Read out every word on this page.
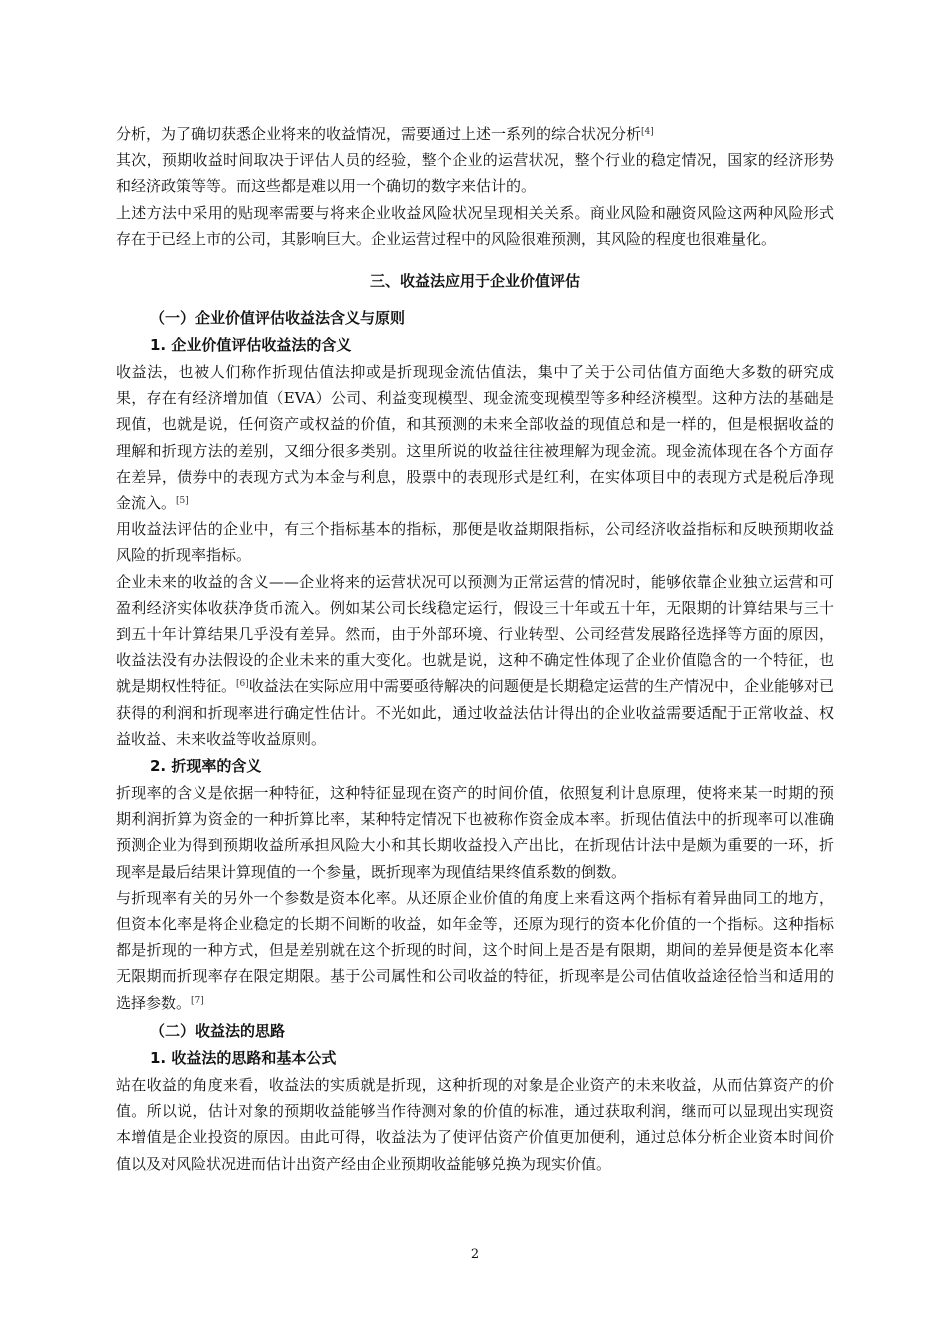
分析，为了确切获悉企业将来的收益情况，需要通过上述一系列的综合状况分析[4]

其次，预期收益时间取决于评估人员的经验，整个企业的运营状况，整个行业的稳定情况，国家的经济形势和经济政策等等。而这些都是难以用一个确切的数字来估计的。

上述方法中采用的贴现率需要与将来企业收益风险状况呈现相关关系。商业风险和融资风险这两种风险形式存在于已经上市的公司，其影响巨大。企业运营过程中的风险很难预测，其风险的程度也很难量化。

三、收益法应用于企业价值评估
（一）企业价值评估收益法含义与原则
1. 企业价值评估收益法的含义

收益法，也被人们称作折现估值法抑或是折现现金流估值法，集中了关于公司估值方面绝大多数的研究成果，存在有经济增加值（EVA）公司、利益变现模型、现金流变现模型等多种经济模型。这种方法的基础是现值，也就是说，任何资产或权益的价值，和其预测的未来全部收益的现值总和是一样的，但是根据收益的理解和折现方法的差别，又细分很多类别。这里所说的收益往往被理解为现金流。现金流体现在各个方面存在差异，债券中的表现方式为本金与利息，股票中的表现形式是红利，在实体项目中的表现方式是税后净现金流入。[5]

用收益法评估的企业中，有三个指标基本的指标，那便是收益期限指标，公司经济收益指标和反映预期收益风险的折现率指标。

企业未来的收益的含义——企业将来的运营状况可以预测为正常运营的情况时，能够依靠企业独立运营和可盈利经济实体收获净货币流入。例如某公司长线稳定运行，假设三十年或五十年，无限期的计算结果与三十到五十年计算结果几乎没有差异。然而，由于外部环境、行业转型、公司经营发展路径选择等方面的原因，收益法没有办法假设的企业未来的重大变化。也就是说，这种不确定性体现了企业价值隐含的一个特征，也就是期权性特征。[6]收益法在实际应用中需要亟待解决的问题便是长期稳定运营的生产情况中，企业能够对已获得的利润和折现率进行确定性估计。不光如此，通过收益法估计得出的企业收益需要适配于正常收益、权益收益、未来收益等收益原则。

2. 折现率的含义

折现率的含义是依据一种特征，这种特征显现在资产的时间价值，依照复利计息原理，使将来某一时期的预期利润折算为资金的一种折算比率，某种特定情况下也被称作资金成本率。折现估值法中的折现率可以准确预测企业为得到预期收益所承担风险大小和其长期收益投入产出比，在折现估计法中是颇为重要的一环，折现率是最后结果计算现值的一个参量，既折现率为现值结果终值系数的倒数。

与折现率有关的另外一个参数是资本化率。从还原企业价值的角度上来看这两个指标有着异曲同工的地方，但资本化率是将企业稳定的长期不间断的收益，如年金等，还原为现行的资本化价值的一个指标。这种指标都是折现的一种方式，但是差别就在这个折现的时间，这个时间上是否是有限期，期间的差异便是资本化率无限期而折现率存在限定期限。基于公司属性和公司收益的特征，折现率是公司估值收益途径恰当和适用的选择参数。[7]

（二）收益法的思路
1. 收益法的思路和基本公式

站在收益的角度来看，收益法的实质就是折现，这种折现的对象是企业资产的未来收益，从而估算资产的价值。所以说，估计对象的预期收益能够当作待测对象的价值的标准，通过获取利润，继而可以显现出实现资本增值是企业投资的原因。由此可得，收益法为了使评估资产价值更加便利，通过总体分析企业资本时间价值以及对风险状况进而估计出资产经由企业预期收益能够兑换为现实价值。

2
